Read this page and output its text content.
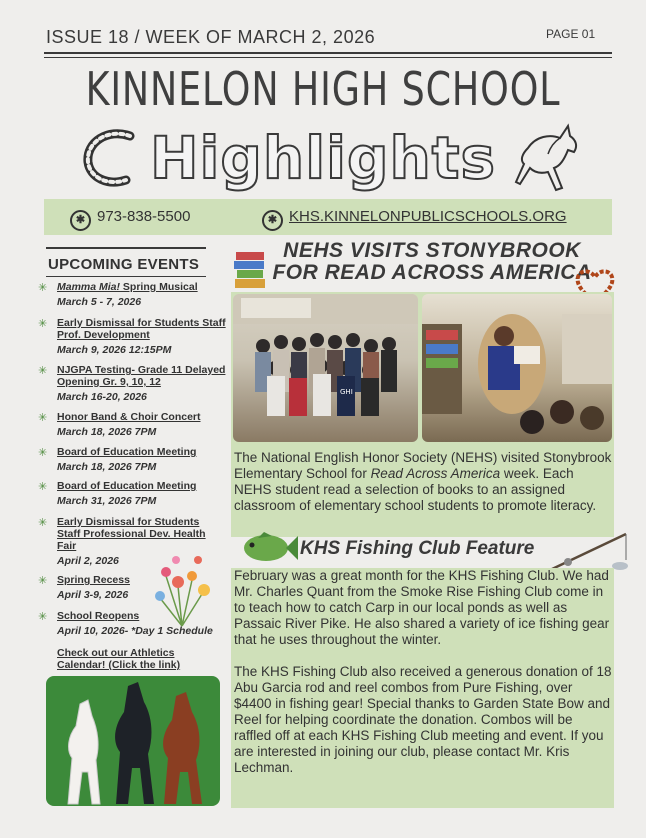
ISSUE 18 / WEEK OF MARCH 2, 2026	PAGE 01
KINNELON HIGH SCHOOL
Highlights
✱ 973-838-5500	✱ KHS.KINNELONPUBLICSCHOOLS.ORG
UPCOMING EVENTS
✳ Mamma Mia! Spring Musical
March 5 - 7, 2026
✳ Early Dismissal for Students Staff Prof. Development
March 9, 2026 12:15PM
✳ NJGPA Testing- Grade 11 Delayed Opening Gr. 9, 10, 12
March 16-20, 2026
✳ Honor Band & Choir Concert
March 18, 2026 7PM
✳ Board of Education Meeting
March 18, 2026 7PM
✳ Board of Education Meeting
March 31, 2026 7PM
✳ Early Dismissal for Students Staff Professional Dev. Health Fair
April 2, 2026
✳ Spring Recess
April 3-9, 2026
✳ School Reopens
April 10, 2026- *Day 1 Schedule
Check out our Athletics Calendar! (Click the link)
NEHS VISITS STONYBROOK FOR READ ACROSS AMERICA
GHI
The National English Honor Society (NEHS) visited Stonybrook Elementary School for Read Across America week. Each NEHS student read a selection of books to an assigned classroom of elementary school students to promote literacy.
KHS Fishing Club Feature

February was a great month for the KHS Fishing Club. We had Mr. Charles Quant from the Smoke Rise Fishing Club come in to teach how to catch Carp in our local ponds as well as Passaic River Pike. He also shared a variety of ice fishing gear that he uses throughout the winter.

The KHS Fishing Club also received a generous donation of 18 Abu Garcia rod and reel combos from Pure Fishing, over $4400 in fishing gear! Special thanks to Garden State Bow and Reel for helping coordinate the donation. Combos will be raffled off at each KHS Fishing Club meeting and event. If you are interested in joining our club, please contact Mr. Kris Lechman.
